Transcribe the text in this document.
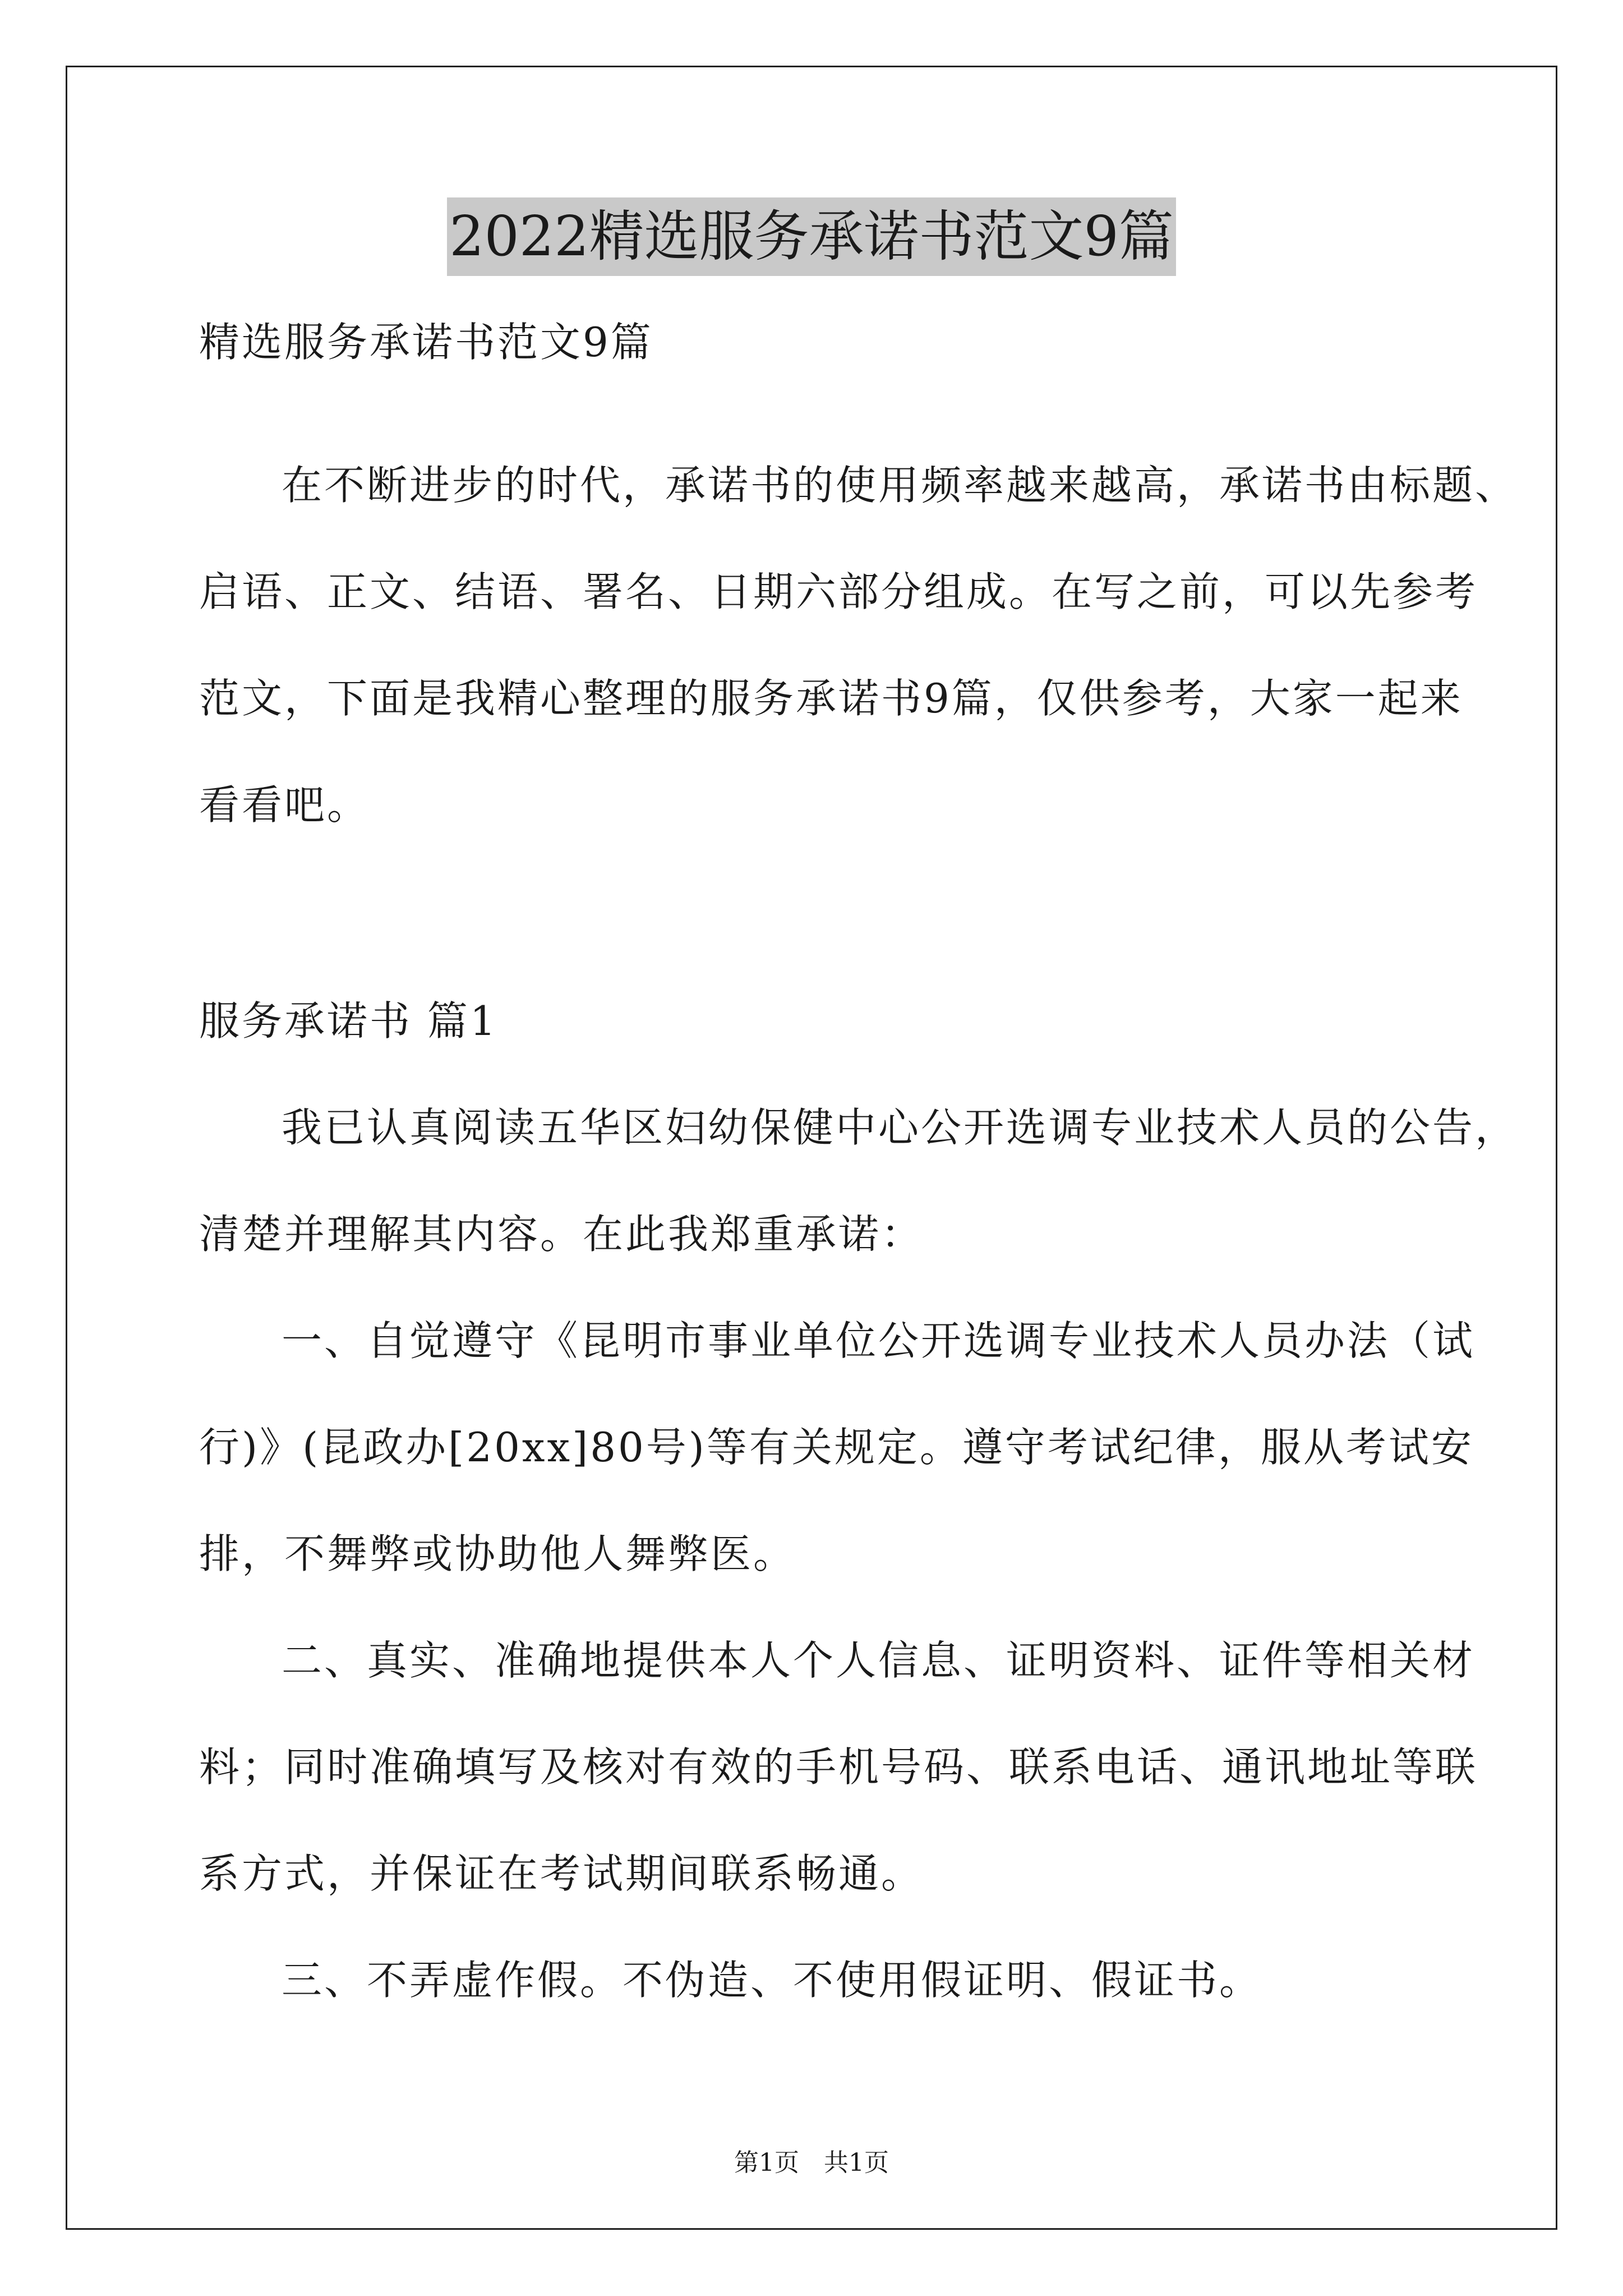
2022精选服务承诺书范文9篇
精选服务承诺书范文9篇
在不断进步的时代，承诺书的使用频率越来越高，承诺书由标题、
启语、正文、结语、署名、日期六部分组成。在写之前，可以先参考
范文，下面是我精心整理的服务承诺书9篇，仅供参考，大家一起来
看看吧。
服务承诺书 篇1
我已认真阅读五华区妇幼保健中心公开选调专业技术人员的公告，
清楚并理解其内容。在此我郑重承诺：
一、自觉遵守《昆明市事业单位公开选调专业技术人员办法（试
行)》(昆政办[20xx]80号)等有关规定。遵守考试纪律，服从考试安
排，不舞弊或协助他人舞弊医。
二、真实、准确地提供本人个人信息、证明资料、证件等相关材
料；同时准确填写及核对有效的手机号码、联系电话、通讯地址等联
系方式，并保证在考试期间联系畅通。
三、不弄虚作假。不伪造、不使用假证明、假证书。
第1页　共1页
